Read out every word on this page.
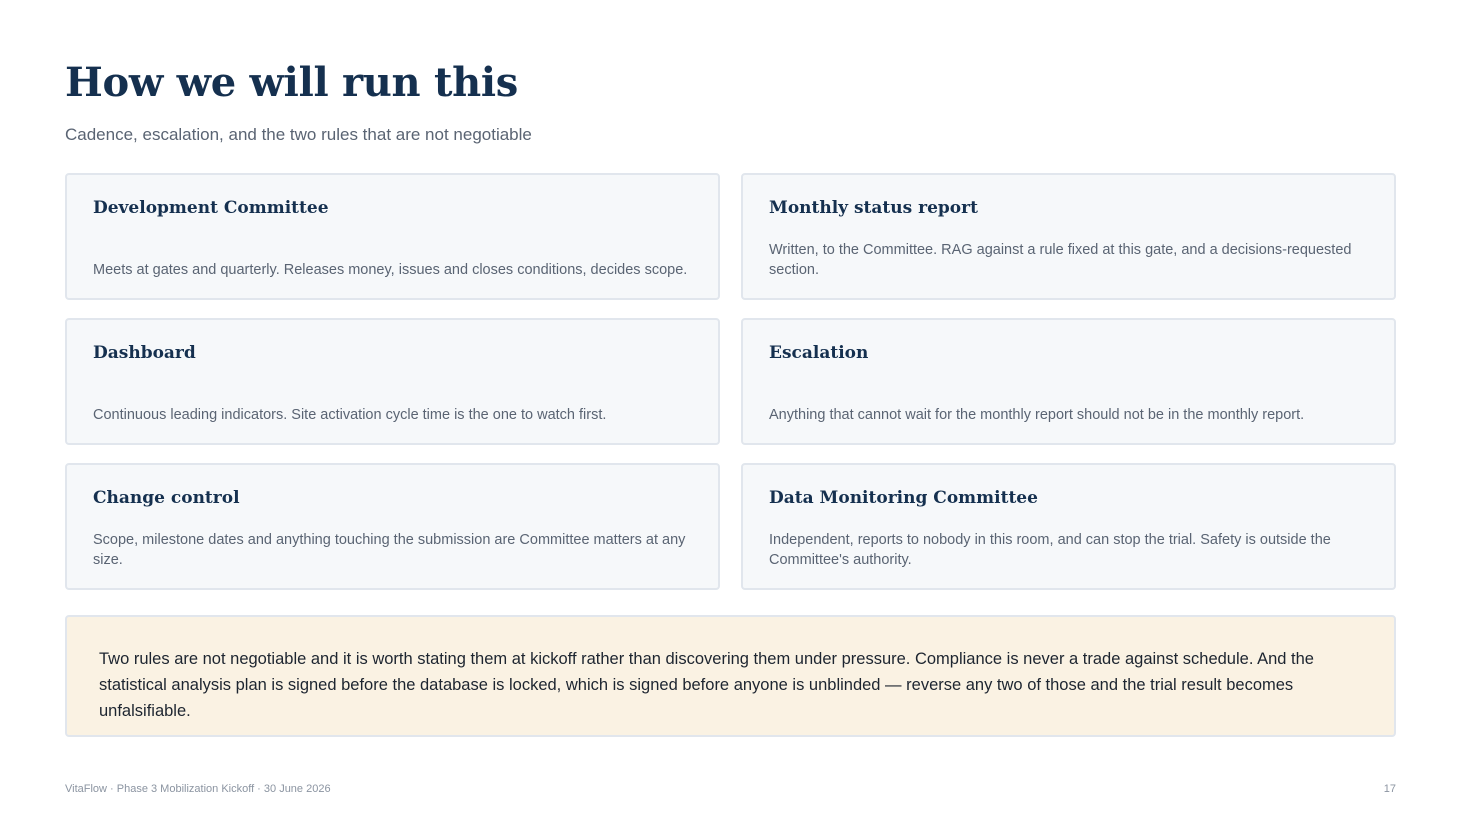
How we will run this

Cadence, escalation, and the two rules that are not negotiable

Development Committee
Meets at gates and quarterly. Releases money, issues and closes conditions, decides scope.
Monthly status report
Written, to the Committee. RAG against a rule fixed at this gate, and a decisions-requested section.
Dashboard
Continuous leading indicators. Site activation cycle time is the one to watch first.
Escalation
Anything that cannot wait for the monthly report should not be in the monthly report.
Change control
Scope, milestone dates and anything touching the submission are Committee matters at any size.
Data Monitoring Committee
Independent, reports to nobody in this room, and can stop the trial. Safety is outside the Committee's authority.
Two rules are not negotiable and it is worth stating them at kickoff rather than discovering them under pressure. Compliance is never a trade against schedule. And the statistical analysis plan is signed before the database is locked, which is signed before anyone is unblinded — reverse any two of those and the trial result becomes unfalsifiable.
VitaFlow · Phase 3 Mobilization Kickoff · 30 June 2026	17
